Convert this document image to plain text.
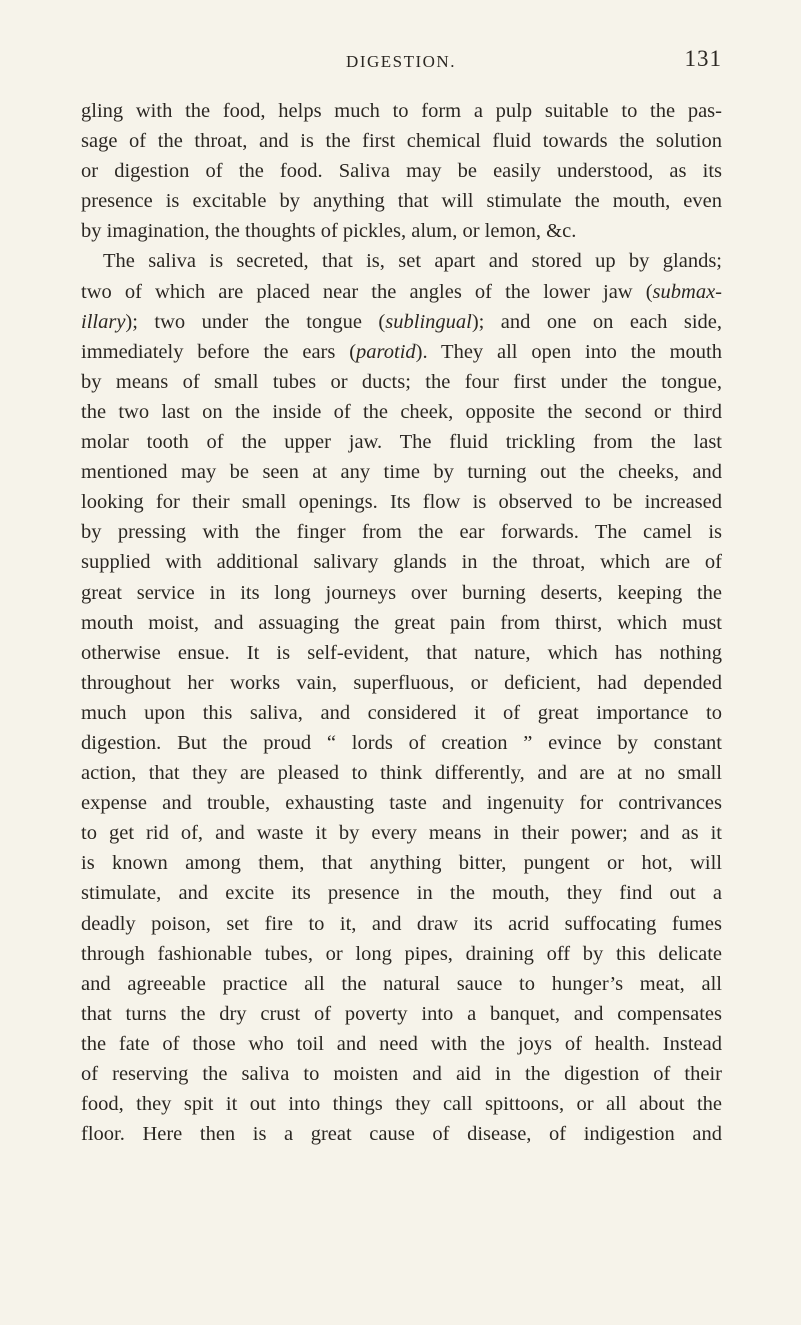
DIGESTION.	131
gling with the food, helps much to form a pulp suitable to the pas-
sage of the throat, and is the first chemical fluid towards the solution
or digestion of the food. Saliva may be easily understood, as its
presence is excitable by anything that will stimulate the mouth, even
by imagination, the thoughts of pickles, alum, or lemon, &c.
The saliva is secreted, that is, set apart and stored up by glands;
two of which are placed near the angles of the lower jaw (submax-
illary); two under the tongue (sublingual); and one on each side,
immediately before the ears (parotid). They all open into the mouth
by means of small tubes or ducts; the four first under the tongue,
the two last on the inside of the cheek, opposite the second or third
molar tooth of the upper jaw. The fluid trickling from the last
mentioned may be seen at any time by turning out the cheeks, and
looking for their small openings. Its flow is observed to be increased
by pressing with the finger from the ear forwards. The camel is
supplied with additional salivary glands in the throat, which are of
great service in its long journeys over burning deserts, keeping the
mouth moist, and assuaging the great pain from thirst, which must
otherwise ensue. It is self-evident, that nature, which has nothing
throughout her works vain, superfluous, or deficient, had depended
much upon this saliva, and considered it of great importance to
digestion. But the proud “ lords of creation ” evince by constant
action, that they are pleased to think differently, and are at no small
expense and trouble, exhausting taste and ingenuity for contrivances
to get rid of, and waste it by every means in their power; and as it
is known among them, that anything bitter, pungent or hot, will
stimulate, and excite its presence in the mouth, they find out a
deadly poison, set fire to it, and draw its acrid suffocating fumes
through fashionable tubes, or long pipes, draining off by this delicate
and agreeable practice all the natural sauce to hunger’s meat, all
that turns the dry crust of poverty into a banquet, and compensates
the fate of those who toil and need with the joys of health. Instead
of reserving the saliva to moisten and aid in the digestion of their
food, they spit it out into things they call spittoons, or all about the
floor. Here then is a great cause of disease, of indigestion and
